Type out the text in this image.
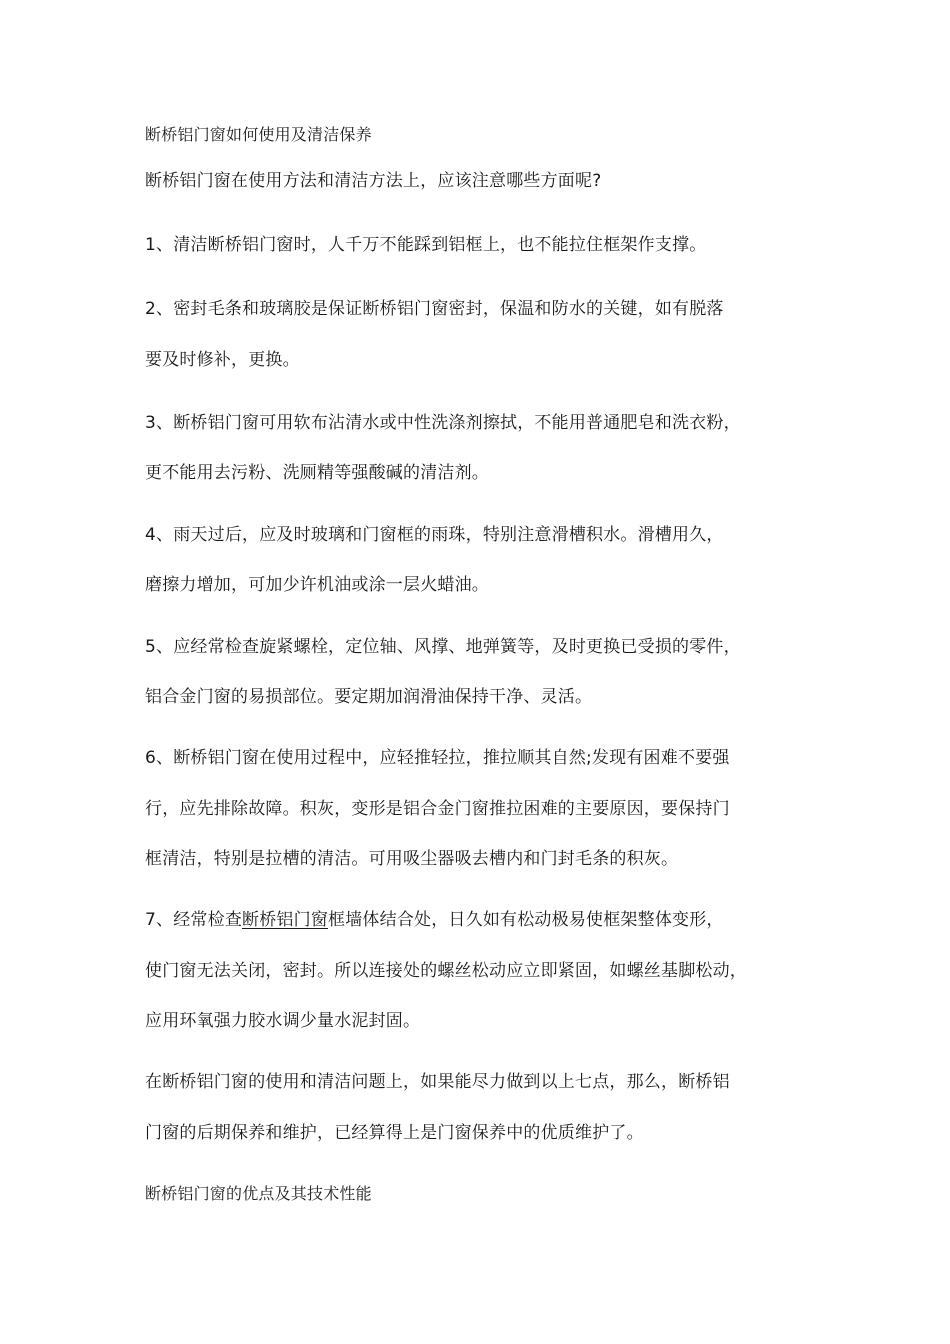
断桥铝门窗如何使用及清洁保养
断桥铝门窗在使用方法和清洁方法上，应该注意哪些方面呢?
1、清洁断桥铝门窗时，人千万不能踩到铝框上，也不能拉住框架作支撑。
2、密封毛条和玻璃胶是保证断桥铝门窗密封，保温和防水的关键，如有脱落
要及时修补，更换。
3、断桥铝门窗可用软布沾清水或中性洗涤剂擦拭，不能用普通肥皂和洗衣粉，
更不能用去污粉、洗厕精等强酸碱的清洁剂。
4、雨天过后，应及时玻璃和门窗框的雨珠，特别注意滑槽积水。滑槽用久，
磨擦力增加，可加少许机油或涂一层火蜡油。
5、应经常检查旋紧螺栓，定位轴、风撑、地弹簧等，及时更换已受损的零件，
铝合金门窗的易损部位。要定期加润滑油保持干净、灵活。
6、断桥铝门窗在使用过程中，应轻推轻拉，推拉顺其自然;发现有困难不要强
行，应先排除故障。积灰，变形是铝合金门窗推拉困难的主要原因，要保持门
框清洁，特别是拉槽的清洁。可用吸尘器吸去槽内和门封毛条的积灰。
7、经常检查断桥铝门窗框墙体结合处，日久如有松动极易使框架整体变形，
使门窗无法关闭，密封。所以连接处的螺丝松动应立即紧固，如螺丝基脚松动，
应用环氧强力胶水调少量水泥封固。
在断桥铝门窗的使用和清洁问题上，如果能尽力做到以上七点，那么，断桥铝
门窗的后期保养和维护，已经算得上是门窗保养中的优质维护了。
断桥铝门窗的优点及其技术性能
